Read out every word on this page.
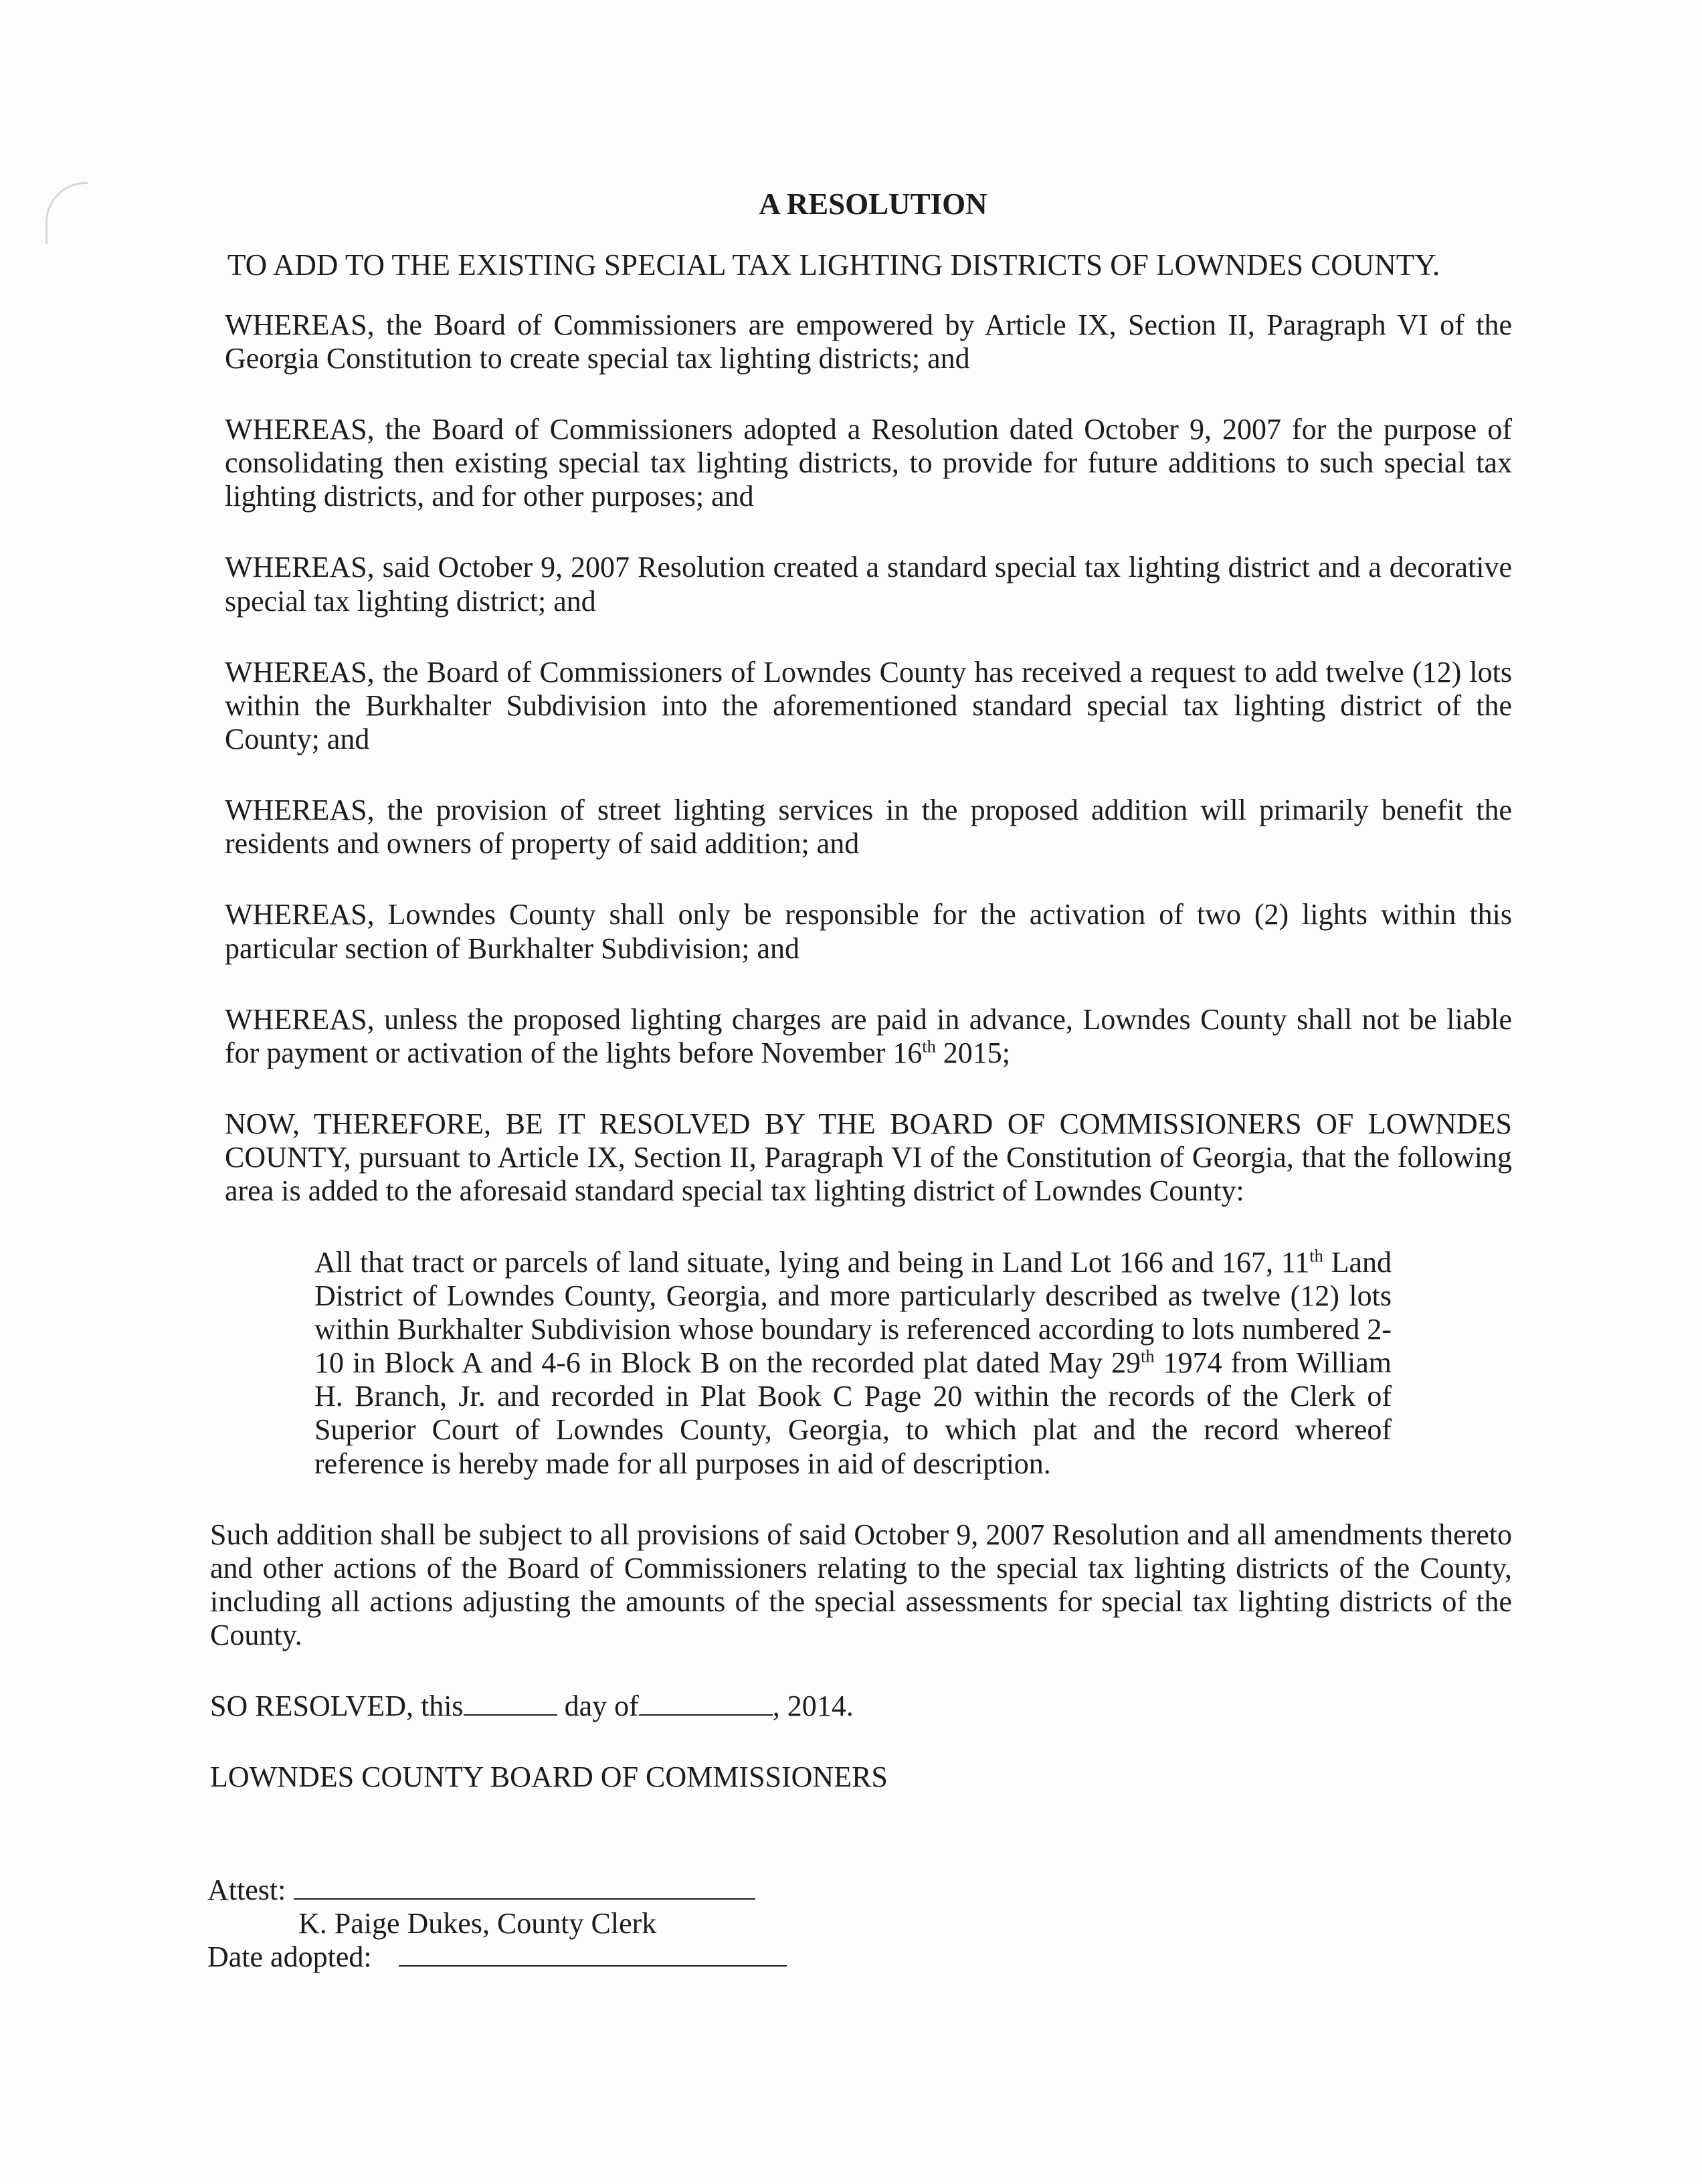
A RESOLUTION
TO ADD TO THE EXISTING SPECIAL TAX LIGHTING DISTRICTS OF LOWNDES COUNTY.

WHEREAS, the Board of Commissioners are empowered by Article IX, Section II, Paragraph VI of the Georgia Constitution to create special tax lighting districts; and

WHEREAS, the Board of Commissioners adopted a Resolution dated October 9, 2007 for the purpose of consolidating then existing special tax lighting districts, to provide for future additions to such special tax lighting districts, and for other purposes; and

WHEREAS, said October 9, 2007 Resolution created a standard special tax lighting district and a decorative special tax lighting district; and

WHEREAS, the Board of Commissioners of Lowndes County has received a request to add twelve (12) lots within the Burkhalter Subdivision into the aforementioned standard special tax lighting district of the County; and

WHEREAS, the provision of street lighting services in the proposed addition will primarily benefit the residents and owners of property of said addition; and

WHEREAS, Lowndes County shall only be responsible for the activation of two (2) lights within this particular section of Burkhalter Subdivision; and

WHEREAS, unless the proposed lighting charges are paid in advance, Lowndes County shall not be liable for payment or activation of the lights before November 16th 2015;

NOW, THEREFORE, BE IT RESOLVED BY THE BOARD OF COMMISSIONERS OF LOWNDES COUNTY, pursuant to Article IX, Section II, Paragraph VI of the Constitution of Georgia, that the following area is added to the aforesaid standard special tax lighting district of Lowndes County:

All that tract or parcels of land situate, lying and being in Land Lot 166 and 167, 11th Land District of Lowndes County, Georgia, and more particularly described as twelve (12) lots within Burkhalter Subdivision whose boundary is referenced according to lots numbered 2-10 in Block A and 4-6 in Block B on the recorded plat dated May 29th 1974 from William H. Branch, Jr. and recorded in Plat Book C Page 20 within the records of the Clerk of Superior Court of Lowndes County, Georgia, to which plat and the record whereof reference is hereby made for all purposes in aid of description.

Such addition shall be subject to all provisions of said October 9, 2007 Resolution and all amendments thereto and other actions of the Board of Commissioners relating to the special tax lighting districts of the County, including all actions adjusting the amounts of the special assessments for special tax lighting districts of the County.

SO RESOLVED, this	day of	, 2014.

LOWNDES COUNTY BOARD OF COMMISSIONERS

Attest:
K. Paige Dukes, County Clerk
Date adopted:
